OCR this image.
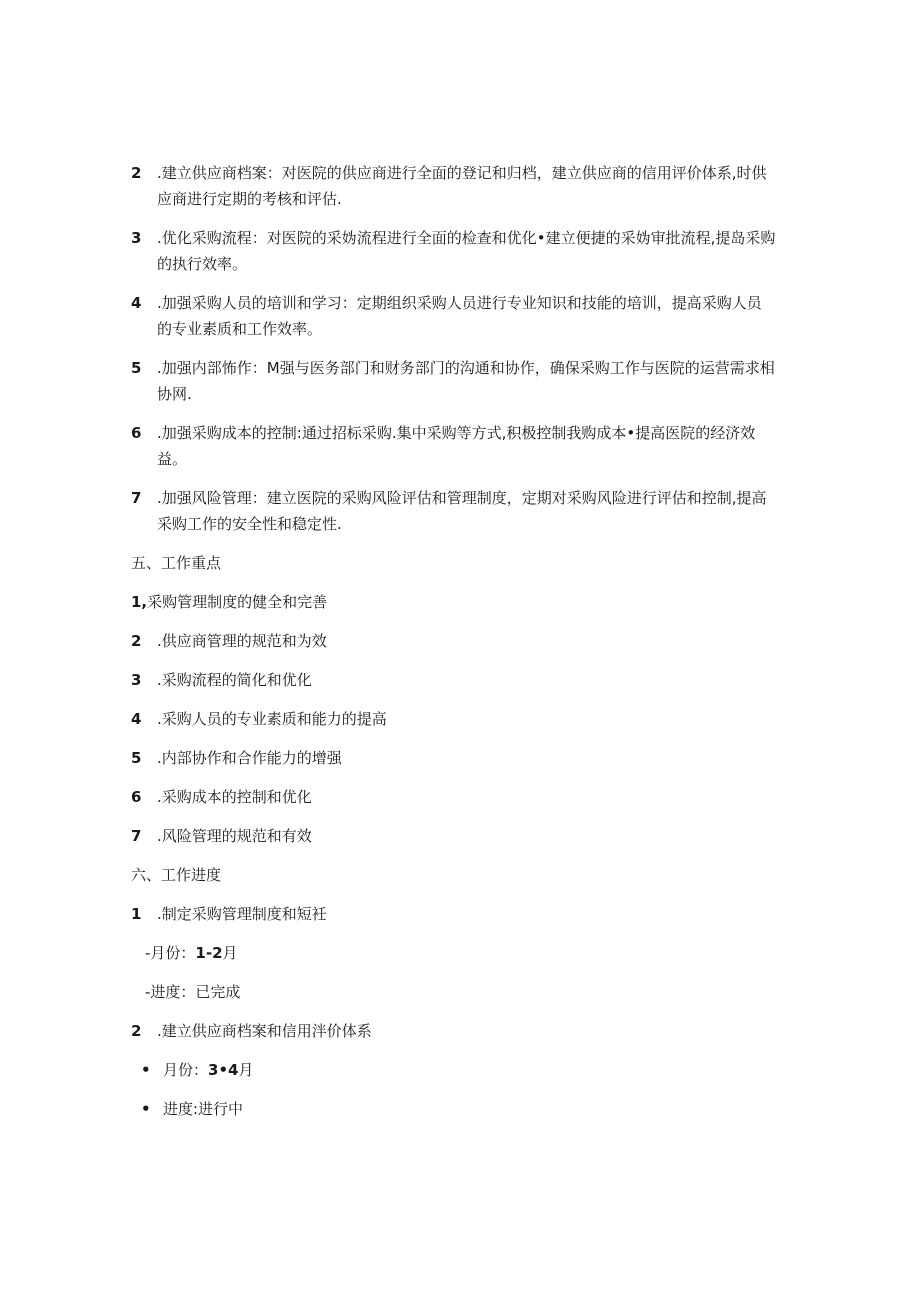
2	.建立供应商档案：对医院的供应商进行全面的登记和归档，建立供应商的信用评价体系,时供
应商进行定期的考核和评估.
3	.优化采购流程：对医院的采妫流程进行全面的检查和优化•建立便捷的采妫审批流程,提岛采购
的执行效率。
4	.加强采购人员的培训和学习：定期组织采购人员进行专业知识和技能的培训，提高采购人员
的专业素质和工作效率。
5	.加强内部怖作：M强与医务部门和财务部门的沟通和协作，确保采购工作与医院的运营需求相
协网.
6	.加强采购成本的控制:通过招标采购.集中采购等方式,积极控制我购成本•提高医院的经济效
益。
7	.加强风险管理：建立医院的采购风险评估和管理制度，定期对采购风险进行评估和控制,提高
采购工作的安全性和稳定性.
五、工作重点
1, 采购管理制度的健全和完善
2	.供应商管理的规范和为效
3	.采购流程的简化和优化
4	.采购人员的专业素质和能力的提高
5	.内部协作和合作能力的增强
6	.采购成本的控制和优化
7	.风险管理的规范和有效
六、工作进度
1	.制定采购管理制度和短衽
-月份：1-2月
-进度：已完成
2	.建立供应商档案和信用泮价体系
• 月份：3•4月
• 进度:进行中
